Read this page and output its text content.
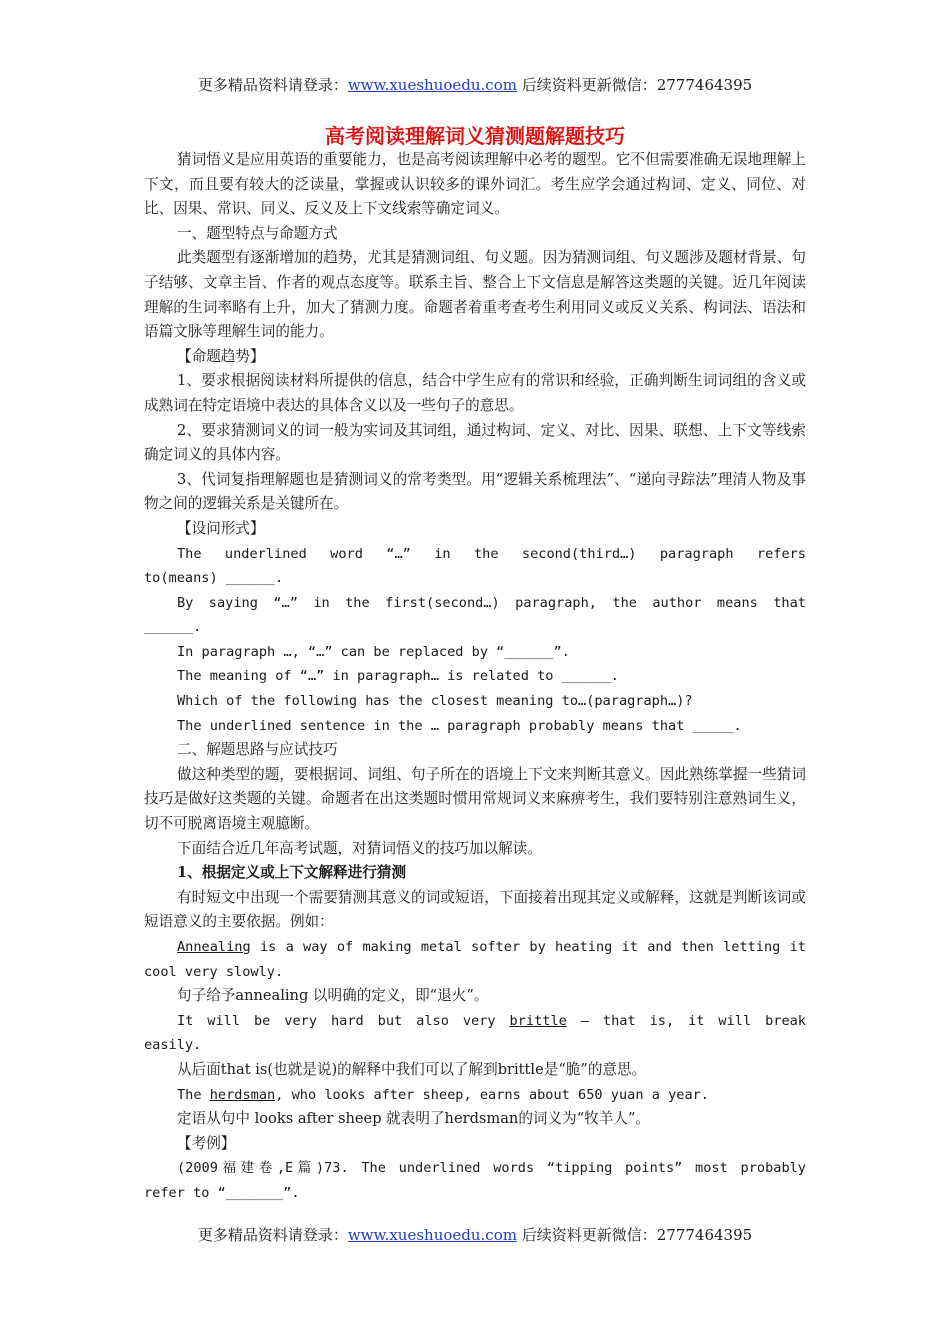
更多精品资料请登录：www.xueshuoedu.com 后续资料更新微信：2777464395
高考阅读理解词义猜测题解题技巧

猜词悟义是应用英语的重要能力，也是高考阅读理解中必考的题型。它不但需要准确无误地理解上下文，而且要有较大的泛读量，掌握或认识较多的课外词汇。考生应学会通过构词、定义、同位、对比、因果、常识、同义、反义及上下文线索等确定词义。

一、题型特点与命题方式

此类题型有逐渐增加的趋势，尤其是猜测词组、句义题。因为猜测词组、句义题涉及题材背景、句子结够、文章主旨、作者的观点态度等。联系主旨、整合上下文信息是解答这类题的关键。近几年阅读理解的生词率略有上升，加大了猜测力度。命题者着重考查考生利用同义或反义关系、构词法、语法和语篇文脉等理解生词的能力。

【命题趋势】

1、要求根据阅读材料所提供的信息，结合中学生应有的常识和经验，正确判断生词词组的含义或成熟词在特定语境中表达的具体含义以及一些句子的意思。

2、要求猜测词义的词一般为实词及其词组，通过构词、定义、对比、因果、联想、上下文等线索确定词义的具体内容。

3、代词复指理解题也是猜测词义的常考类型。用“逻辑关系梳理法”、“递向寻踪法”理清人物及事物之间的逻辑关系是关键所在。

【设问形式】

The underlined word “…” in the second(third…) paragraph refers

to(means) ______.

By saying “…” in the first(second…) paragraph, the author means that

______.

In paragraph …, “…” can be replaced by “______”.

The meaning of “…” in paragraph… is related to ______.

Which of the following has the closest meaning to…(paragraph…)?

The underlined sentence in the … paragraph probably means that _____.

二、解题思路与应试技巧

做这种类型的题，要根据词、词组、句子所在的语境上下文来判断其意义。因此熟练掌握一些猜词技巧是做好这类题的关键。命题者在出这类题时惯用常规词义来麻痹考生，我们要特别注意熟词生义，切不可脱离语境主观臆断。

下面结合近几年高考试题，对猜词悟义的技巧加以解读。

1、根据定义或上下文解释进行猜测

有时短文中出现一个需要猜测其意义的词或短语，下面接着出现其定义或解释，这就是判断该词或短语意义的主要依据。例如：

Annealing is a way of making metal softer by heating it and then letting it

cool very slowly.

句子给予annealing 以明确的定义，即“退火”。

It will be very hard but also very brittle — that is, it will break

easily.

从后面that is(也就是说)的解释中我们可以了解到brittle是“脆”的意思。

The herdsman, who looks after sheep, earns about 650 yuan a year.

定语从句中 looks after sheep 就表明了herdsman的词义为“牧羊人”。

【考例】

(2009福建卷,E篇)73. The underlined words “tipping points” most probably

refer to “_______”.

更多精品资料请登录：www.xueshuoedu.com 后续资料更新微信：2777464395
